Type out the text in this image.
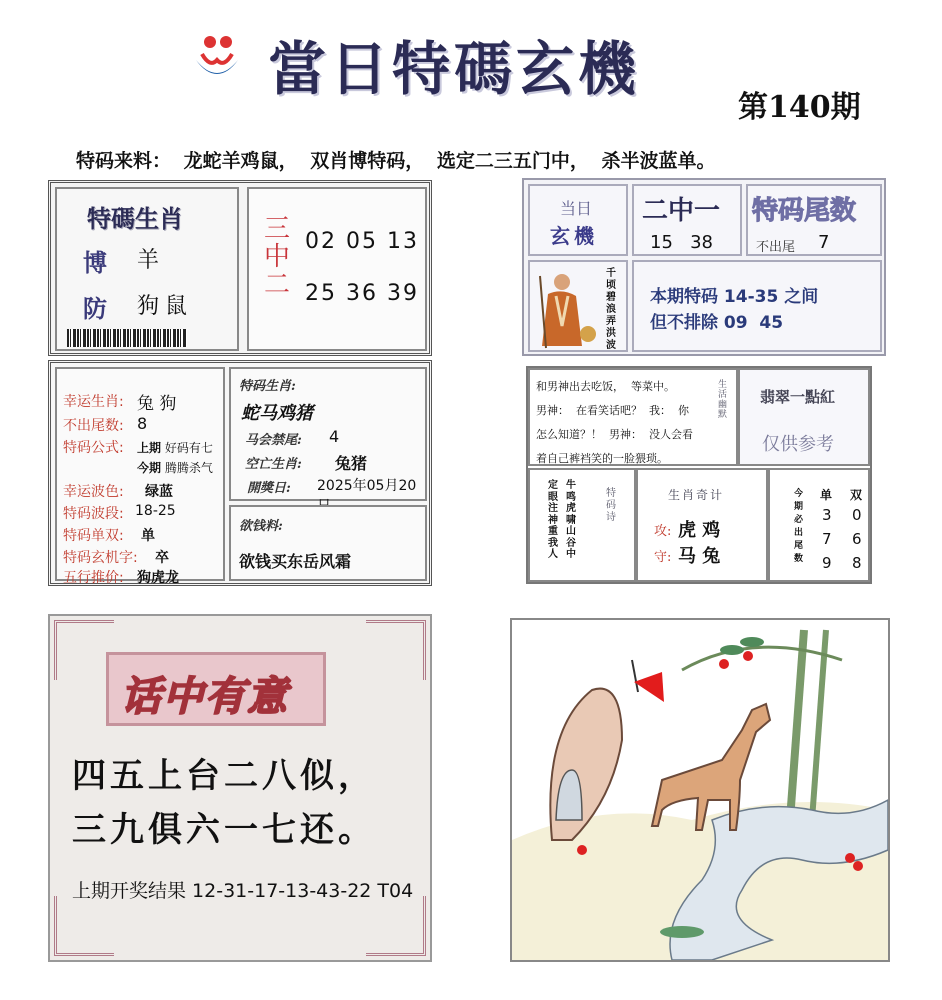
當日特碼玄機
第140期
特码来料： 龙蛇羊鸡鼠， 双肖博特码， 选定二三五门中， 杀半波蓝单。
特碼生肖
博 羊
防 狗鼠
三
中
二
02 05 13
25 36 39
幸运生肖: 兔 狗
不出尾数: 8
特码公式: 上期 好码有七
今期 腾腾杀气
幸运波色: 绿蓝
特码波段: 18-25
特码单双: 单
特码玄机字: 卒
五行推价: 狗虎龙
特码生肖:
蛇马鸡猪
马会禁尾: 4
空亡生肖: 兔猪
開獎日: 2025年05月20
欲钱料:
欲钱买东岳风霜
当日
玄機
二中一
15   38
特码尾数
不出尾 7
千顷碧浪弄洪波
本期特码 14-35 之间
但不排除 09  45
和男神出去吃饭，  等菜中。
男神：  在看笑话吧？  我：  你
怎么知道？！  男神：  没人会看
着自己裤裆笑的一脸猥琐。
生活幽默
翡翠一點紅
仅供参考
定眼注神重我人
牛鸣虎啸山谷中
特码诗
生肖奇计
攻: 虎 鸡
守: 马 兔
今期必出尾数
单 双
3 0
7 6
9 8
话中有意
四五上台二八似，
三九俱六一七还。
上期开奖结果 12-31-17-13-43-22 T04
